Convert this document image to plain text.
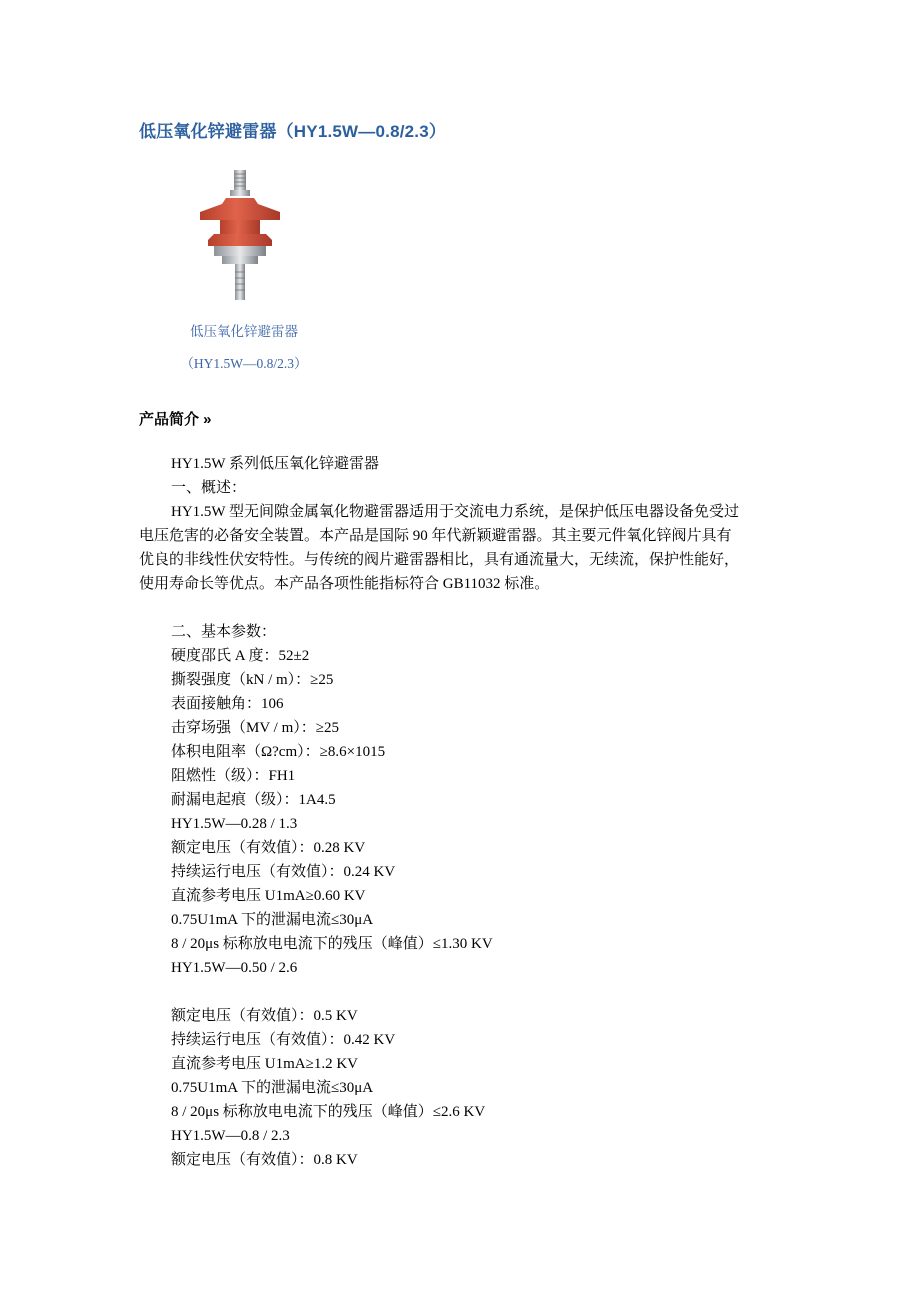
低压氧化锌避雷器（HY1.5W—0.8/2.3）
低压氧化锌避雷器
（HY1.5W—0.8/2.3）
产品简介 »
HY1.5W 系列低压氧化锌避雷器
一、概述：
HY1.5W 型无间隙金属氧化物避雷器适用于交流电力系统，是保护低压电器设备免受过
电压危害的必备安全装置。本产品是国际 90 年代新颖避雷器。其主要元件氧化锌阀片具有
优良的非线性伏安特性。与传统的阀片避雷器相比，具有通流量大，无续流，保护性能好，
使用寿命长等优点。本产品各项性能指标符合 GB11032 标准。
二、基本参数：
硬度邵氏 A 度：52±2
撕裂强度（kN / m）：≥25
表面接触角：106
击穿场强（MV / m）：≥25
体积电阻率（Ω?cm）：≥8.6×1015
阻燃性（级）：FH1
耐漏电起痕（级）：1A4.5
HY1.5W—0.28 / 1.3
额定电压（有效值）：0.28 KV
持续运行电压（有效值）：0.24 KV
直流参考电压 U1mA≥0.60 KV
0.75U1mA 下的泄漏电流≤30μA
8 / 20μs 标称放电电流下的残压（峰值）≤1.30 KV
HY1.5W—0.50 / 2.6
额定电压（有效值）：0.5 KV
持续运行电压（有效值）：0.42 KV
直流参考电压 U1mA≥1.2 KV
0.75U1mA 下的泄漏电流≤30μA
8 / 20μs 标称放电电流下的残压（峰值）≤2.6 KV
HY1.5W—0.8 / 2.3
额定电压（有效值）：0.8 KV
